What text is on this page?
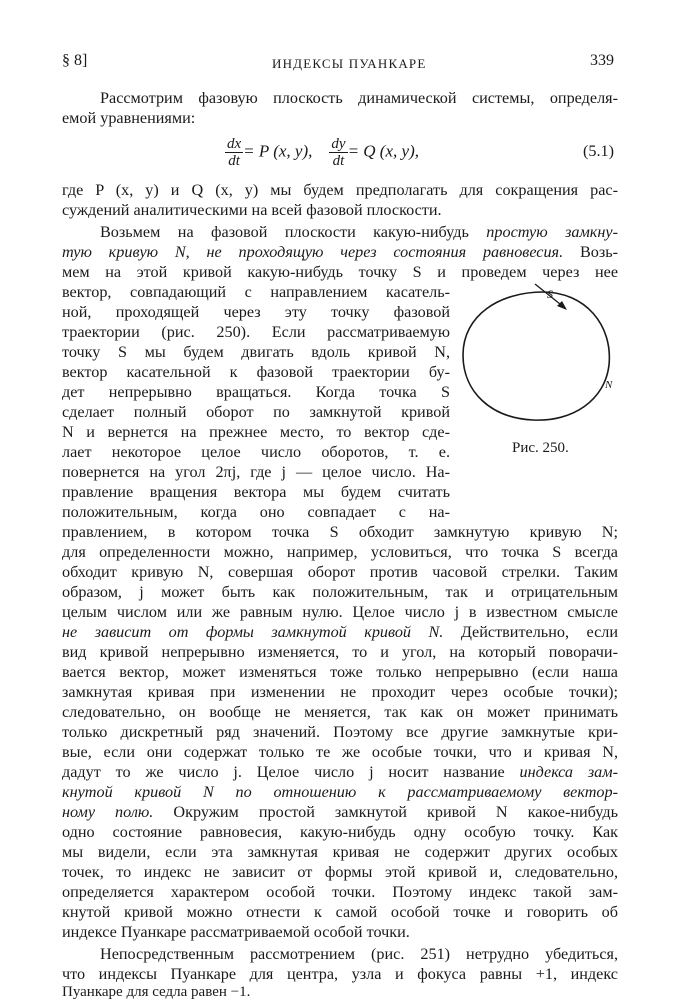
§ 8]	ИНДЕКСЫ ПУАНКАРЕ	339
Рассмотрим фазовую плоскость динамической системы, определя-
емой уравнениями:
$\frac{dx}{dt} = P$ (x, y), $\frac{dy}{dt} = Q$ (x, y),	(5.1)
где P (x, y) и Q (x, y) мы будем предполагать для сокращения рас-
суждений аналитическими на всей фазовой плоскости.
Возьмем на фазовой плоскости какую-нибудь простую замкну-
тую кривую N, не проходящую через состояния равновесия. Возь-
мем на этой кривой какую-нибудь точку S и проведем через нее
вектор, совпадающий с направлением касатель-
ной, проходящей через эту точку фазовой
траектории (рис. 250). Если рассматриваемую
точку S мы будем двигать вдоль кривой N,
вектор касательной к фазовой траектории бу-
дет непрерывно вращаться. Когда точка S
сделает полный оборот по замкнутой кривой
N и вернется на прежнее место, то вектор сде-
лает некоторое целое число оборотов, т. е.
повернется на угол 2πj, где j — целое число. На-
правление вращения вектора мы будем считать
положительным, когда оно совпадает с на-
правлением, в котором точка S обходит замкнутую кривую N;
для определенности можно, например, условиться, что точка S всегда
обходит кривую N, совершая оборот против часовой стрелки. Таким
образом, j может быть как положительным, так и отрицательным
целым числом или же равным нулю. Целое число j в известном смысле
не зависит от формы замкнутой кривой N. Действительно, если
вид кривой непрерывно изменяется, то и угол, на который поворачи-
вается вектор, может изменяться тоже только непрерывно (если наша
замкнутая кривая при изменении не проходит через особые точки);
следовательно, он вообще не меняется, так как он может принимать
только дискретный ряд значений. Поэтому все другие замкнутые кри-
вые, если они содержат только те же особые точки, что и кривая N,
дадут то же число j. Целое число j носит название индекса зам-
кнутой кривой N по отношению к рассматриваемому вектор-
ному полю. Окружим простой замкнутой кривой N какое-нибудь
одно состояние равновесия, какую-нибудь одну особую точку. Как
мы видели, если эта замкнутая кривая не содержит других особых
точек, то индекс не зависит от формы этой кривой и, следовательно,
определяется характером особой точки. Поэтому индекс такой зам-
кнутой кривой можно отнести к самой особой точке и говорить об
индексе Пуанкаре рассматриваемой особой точки.
Непосредственным рассмотрением (рис. 251) нетрудно убедиться,
что индексы Пуанкаре для центра, узла и фокуса равны +1, индекс
Пуанкаре для седла равен −1.
S
N
Рис. 250.
